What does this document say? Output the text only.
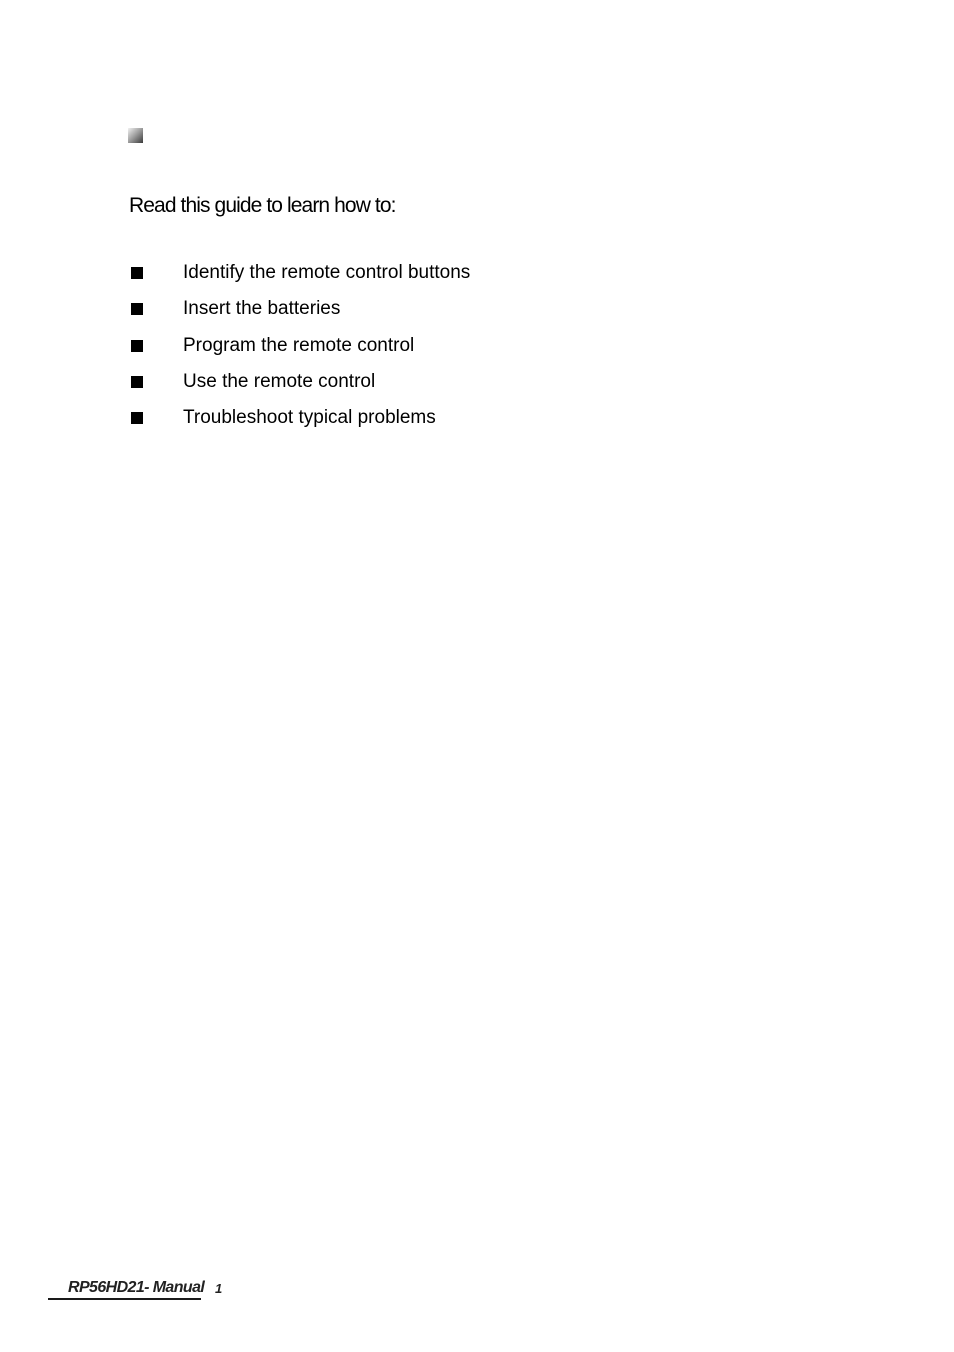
Read this guide to learn how to:

Identify the remote control buttons
Insert the batteries
Program the remote control
Use the remote control
Troubleshoot typical problems
RP56HD21- Manual 1
